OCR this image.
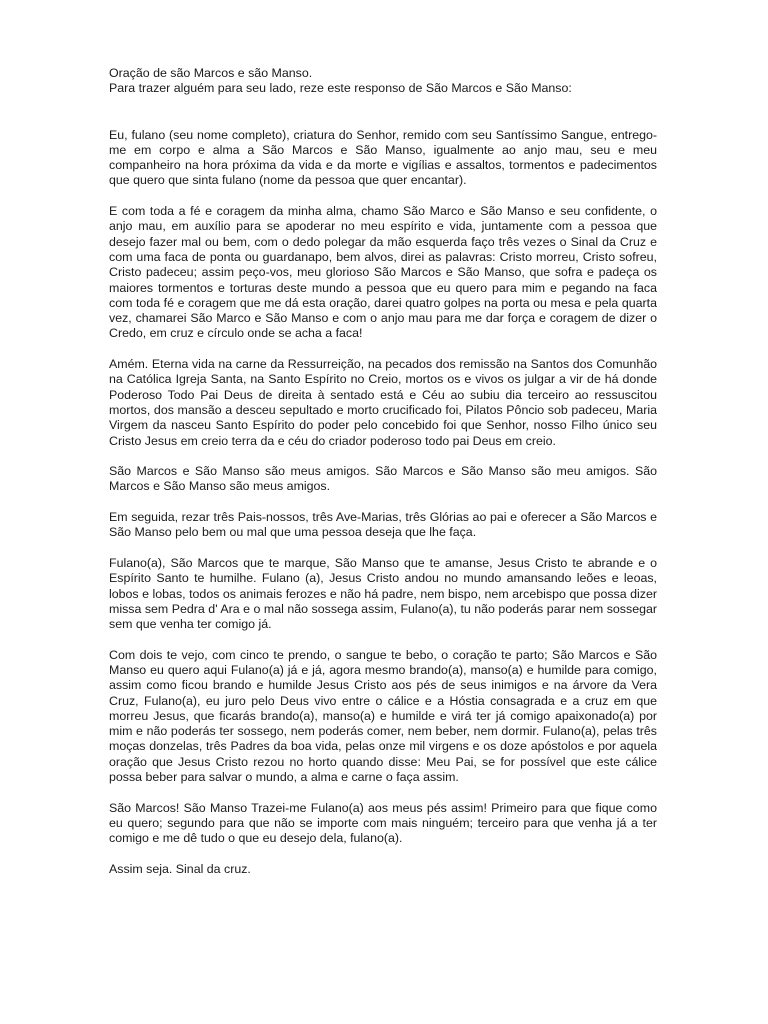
Oração de são Marcos e são Manso.

Para trazer alguém para seu lado, reze este responso de São Marcos e São Manso:

Eu, fulano (seu nome completo), criatura do Senhor, remido com seu Santíssimo Sangue, entrego-me em corpo e alma a São Marcos e São Manso, igualmente ao anjo mau, seu e meu companheiro na hora próxima da vida e da morte e vigílias e assaltos, tormentos e padecimentos que quero que sinta fulano (nome da pessoa que quer encantar).

E com toda a fé e coragem da minha alma, chamo São Marco e São Manso e seu confidente, o anjo mau, em auxílio para se apoderar no meu espírito e vida, juntamente com a pessoa que desejo fazer mal ou bem, com o dedo polegar da mão esquerda faço três vezes o Sinal da Cruz e com uma faca de ponta ou guardanapo, bem alvos, direi as palavras: Cristo morreu, Cristo sofreu, Cristo padeceu; assim peço-vos, meu glorioso São Marcos e São Manso, que sofra e padeça os maiores tormentos e torturas deste mundo a pessoa que eu quero para mim e pegando na faca com toda fé e coragem que me dá esta oração, darei quatro golpes na porta ou mesa e pela quarta vez, chamarei São Marco e São Manso e com o anjo mau para me dar força e coragem de dizer o Credo, em cruz e círculo onde se acha a faca!

Amém. Eterna vida na carne da Ressurreição, na pecados dos remissão na Santos dos Comunhão na Católica Igreja Santa, na Santo Espírito no Creio, mortos os e vivos os julgar a vir de há donde Poderoso Todo Pai Deus de direita à sentado está e Céu ao subiu dia terceiro ao ressuscitou mortos, dos mansão a desceu sepultado e morto crucificado foi, Pilatos Pôncio sob padeceu, Maria Virgem da nasceu Santo Espírito do poder pelo concebido foi que Senhor, nosso Filho único seu Cristo Jesus em creio terra da e céu do criador poderoso todo pai Deus em creio.

São Marcos e São Manso são meus amigos. São Marcos e São Manso são meu amigos. São Marcos e São Manso são meus amigos.

Em seguida, rezar três Pais-nossos, três Ave-Marias, três Glórias ao pai e oferecer a São Marcos e São Manso pelo bem ou mal que uma pessoa deseja que lhe faça.

Fulano(a), São Marcos que te marque, São Manso que te amanse, Jesus Cristo te abrande e o Espírito Santo te humilhe. Fulano (a), Jesus Cristo andou no mundo amansando leões e leoas, lobos e lobas, todos os animais ferozes e não há padre, nem bispo, nem arcebispo que possa dizer missa sem Pedra d' Ara e o mal não sossega assim, Fulano(a), tu não poderás parar nem sossegar sem que venha ter comigo já.

Com dois te vejo, com cinco te prendo, o sangue te bebo, o coração te parto; São Marcos e São Manso eu quero aqui Fulano(a) já e já, agora mesmo brando(a), manso(a) e humilde para comigo, assim como ficou brando e humilde Jesus Cristo aos pés de seus inimigos e na árvore da Vera Cruz, Fulano(a), eu juro pelo Deus vivo entre o cálice e a Hóstia consagrada e a cruz em que morreu Jesus, que ficarás brando(a), manso(a) e humilde e virá ter já comigo apaixonado(a) por mim e não poderás ter sossego, nem poderás comer, nem beber, nem dormir. Fulano(a), pelas três moças donzelas, três Padres da boa vida, pelas onze mil virgens e os doze apóstolos e por aquela oração que Jesus Cristo rezou no horto quando disse: Meu Pai, se for possível que este cálice possa beber para salvar o mundo, a alma e carne o faça assim.

São Marcos! São Manso Trazei-me Fulano(a) aos meus pés assim! Primeiro para que fique como eu quero; segundo para que não se importe com mais ninguém; terceiro para que venha já a ter comigo e me dê tudo o que eu desejo dela, fulano(a).

Assim seja. Sinal da cruz.
